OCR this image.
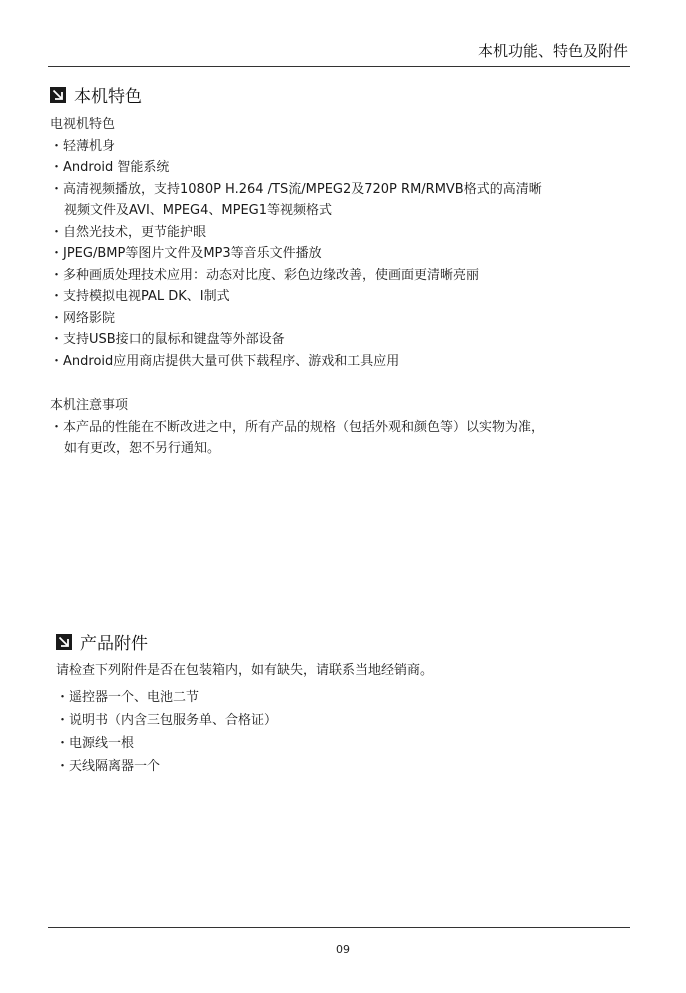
本机功能、特色及附件
本机特色
电视机特色
・轻薄机身
・Android 智能系统
・高清视频播放，支持1080P H.264 /TS流/MPEG2及720P RM/RMVB格式的高清晰
视频文件及AVI、MPEG4、MPEG1等视频格式
・自然光技术，更节能护眼
・JPEG/BMP等图片文件及MP3等音乐文件播放
・多种画质处理技术应用：动态对比度、彩色边缘改善，使画面更清晰亮丽
・支持模拟电视PAL DK、I制式
・网络影院
・支持USB接口的鼠标和键盘等外部设备
・Android应用商店提供大量可供下载程序、游戏和工具应用
本机注意事项
・本产品的性能在不断改进之中，所有产品的规格（包括外观和颜色等）以实物为准，
如有更改，恕不另行通知。
产品附件
请检查下列附件是否在包装箱内，如有缺失，请联系当地经销商。
・遥控器一个、电池二节
・说明书（内含三包服务单、合格证）
・电源线一根
・天线隔离器一个
09
